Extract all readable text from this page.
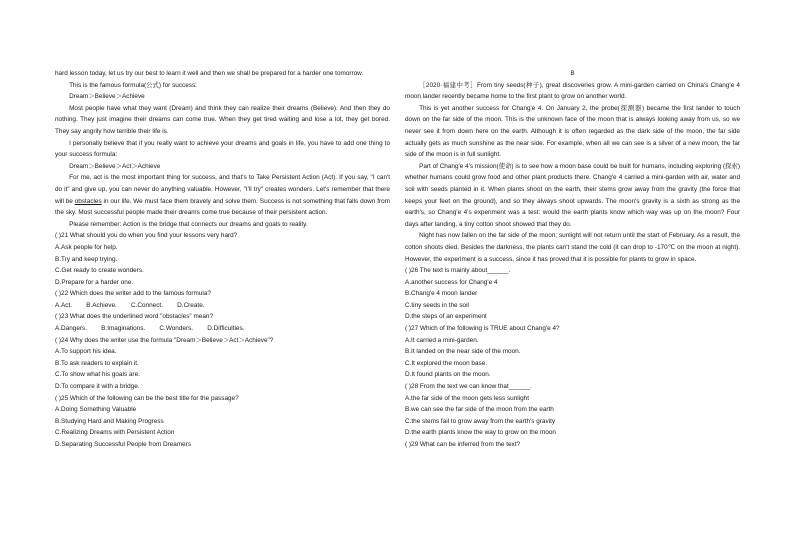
hard lesson today, let us try our best to learn it well and then we shall be prepared for a harder one tomorrow.

This is the famous formula(公式) for success:

Dream＞Believe＞Achieve

Most people have what they want (Dream) and think they can realize their dreams (Believe). And then they do nothing. They just imagine their dreams can come true. When they get tired waiting and lose a lot, they get bored. They say angrily how terrible their life is.

I personally believe that if you really want to achieve your dreams and goals in life, you have to add one thing to your success formula:

Dream＞Believe＞Act＞Achieve

For me, act is the most important thing for success, and that's to Take Persistent Action (Act). If you say, "I can't do it" and give up, you can never do anything valuable. However, "I'll try" creates wonders. Let's remember that there will be obstacles in our life. We must face them bravely and solve them. Success is not something that falls down from the sky. Most successful people made their dreams come true because of their persistent action.

Please remember: Action is the bridge that connects our dreams and goals to reality.

( )21 What should you do when you find your lessons very hard?

A.Ask people for help.
B.Try and keep trying.
C.Get ready to create wonders.
D.Prepare for a harder one.

( )22 Which does the writer add to the famous formula?

A.Act.        B.Achieve.        C.Connect.        D.Create.

( )23 What does the underlined word "obstacles" mean?

A.Dangers.        B.Imaginations.        C.Wonders.        D.Difficulties.

( )24 Why does the writer use the formula "Dream＞Believe＞Act＞Achieve"?

A.To support his idea.
B.To ask readers to explain it.
C.To show what his goals are.
D.To compare it with a bridge.

( )25 Which of the following can be the best title for the passage?

A.Doing Something Valuable
B.Studying Hard and Making Progress
C.Realizing Dreams with Persistent Action
D.Separating Successful People from Dreamers

B

［2020·福建中考］From tiny seeds(种子), great discoveries grow. A mini-garden carried on China's Chang'e 4 moon lander recently became home to the first plant to grow on another world.

This is yet another success for Chang'e 4. On January 2, the probe(探测器) became the first lander to touch down on the far side of the moon. This is the unknown face of the moon that is always looking away from us, so we never see it from down here on the earth. Although it is often regarded as the dark side of the moon, the far side actually gets as much sunshine as the near side. For example, when all we can see is a silver of a new moon, the far side of the moon is in full sunlight.

Part of Chang'e 4's mission(使命) is to see how a moon base could be built for humans, including exploring (探索) whether humans could grow food and other plant products there. Chang'e 4 carried a mini-garden with air, water and soil with seeds planted in it. When plants shoot on the earth, their stems grow away from the gravity (the force that keeps your feet on the ground), and so they always shoot upwards. The moon's gravity is a sixth as strong as the earth's, so Chang'e 4's experiment was a test: would the earth plants know which way was up on the moon? Four days after landing, a tiny cotton shoot showed that they do.

Night has now fallen on the far side of the moon; sunlight will not return until the start of February. As a result, the cotton shoots died. Besides the darkness, the plants can't stand the cold (it can drop to -170℃ on the moon at night). However, the experiment is a success, since it has proved that it is possible for plants to grow in space.

( )26 The text is mainly about______.

A.another success for Chang'e 4
B.Chang'e 4 moon lander
C.tiny seeds in the soil
D.the steps of an experiment

( )27 Which of the following is TRUE about Chang'e 4?

A.It carried a mini-garden.
B.It landed on the near side of the moon.
C.It explored the moon base.
D.It found plants on the moon.

( )28 From the text we can know that______.

A.the far side of the moon gets less sunlight
B.we can see the far side of the moon from the earth
C.the stems fail to grow away from the earth's gravity
D.the earth plants know the way to grow on the moon

( )29 What can be inferred from the text?
